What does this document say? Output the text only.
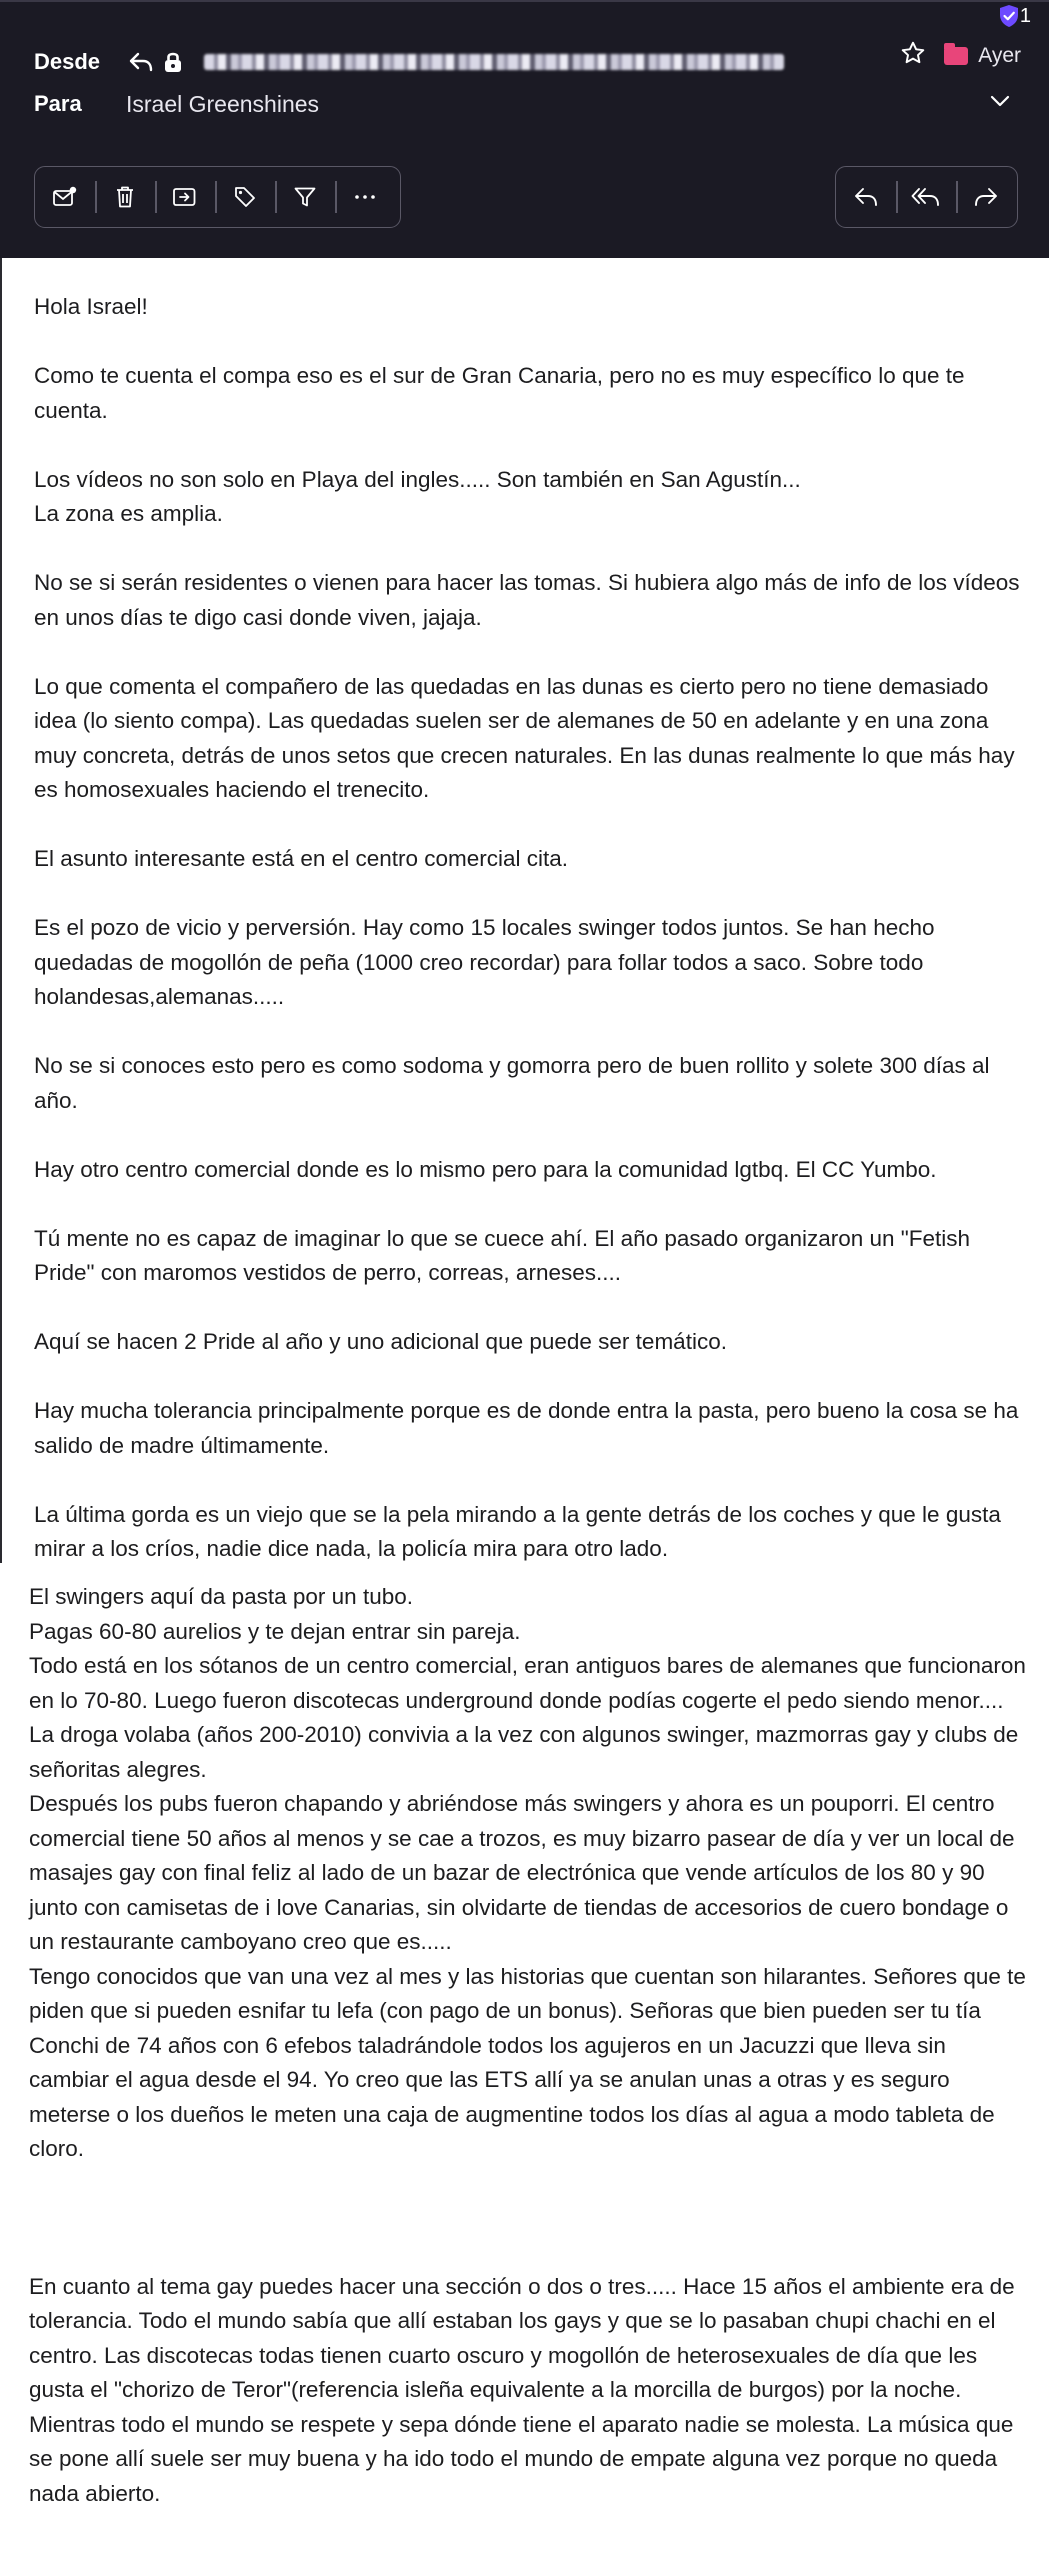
1
Desde	Ayer
Para	Israel Greenshines

Hola Israel!

Como te cuenta el compa eso es el sur de Gran Canaria, pero no es muy específico lo que te cuenta.

Los vídeos no son solo en Playa del ingles..... Son también en San Agustín...
La zona es amplia.

No se si serán residentes o vienen para hacer las tomas. Si hubiera algo más de info de los vídeos en unos días te digo casi donde viven, jajaja.

Lo que comenta el compañero de las quedadas en las dunas es cierto pero no tiene demasiado idea (lo siento compa). Las quedadas suelen ser de alemanes de 50 en adelante y en una zona muy concreta, detrás de unos setos que crecen naturales. En las dunas realmente lo que más hay es homosexuales haciendo el trenecito.

El asunto interesante está en el centro comercial cita.

Es el pozo de vicio y perversión. Hay como 15 locales swinger todos juntos. Se han hecho quedadas de mogollón de peña (1000 creo recordar) para follar todos a saco. Sobre todo holandesas,alemanas.....

No se si conoces esto pero es como sodoma y gomorra pero de buen rollito y solete 300 días al año.

Hay otro centro comercial donde es lo mismo pero para la comunidad lgtbq. El CC Yumbo.

Tú mente no es capaz de imaginar lo que se cuece ahí. El año pasado organizaron un "Fetish Pride" con maromos vestidos de perro, correas, arneses....

Aquí se hacen 2 Pride al año y uno adicional que puede ser temático.

Hay mucha tolerancia principalmente porque es de donde entra la pasta, pero bueno la cosa se ha salido de madre últimamente.

La última gorda es un viejo que se la pela mirando a la gente detrás de los coches y que le gusta mirar a los críos, nadie dice nada, la policía mira para otro lado.

El swingers aquí da pasta por un tubo.
Pagas 60-80 aurelios y te dejan entrar sin pareja.
Todo está en los sótanos de un centro comercial, eran antiguos bares de alemanes que funcionaron en lo 70-80. Luego fueron discotecas underground donde podías cogerte el pedo siendo menor.... La droga volaba (años 200-2010) convivia a la vez con algunos swinger, mazmorras gay y clubs de señoritas alegres.
Después los pubs fueron chapando y abriéndose más swingers y ahora es un pouporri. El centro comercial tiene 50 años al menos y se cae a trozos, es muy bizarro pasear de día y ver un local de masajes gay con final feliz al lado de un bazar de electrónica que vende artículos de los 80 y 90 junto con camisetas de i love Canarias, sin olvidarte de tiendas de accesorios de cuero bondage o un restaurante camboyano creo que es.....
Tengo conocidos que van una vez al mes y las historias que cuentan son hilarantes. Señores que te piden que si pueden esnifar tu lefa (con pago de un bonus). Señoras que bien pueden ser tu tía Conchi de 74 años con 6 efebos taladrándole todos los agujeros en un Jacuzzi que lleva sin cambiar el agua desde el 94. Yo creo que las ETS allí ya se anulan unas a otras y es seguro meterse o los dueños le meten una caja de augmentine todos los días al agua a modo tableta de cloro.

En cuanto al tema gay puedes hacer una sección o dos o tres..... Hace 15 años el ambiente era de tolerancia. Todo el mundo sabía que allí estaban los gays y que se lo pasaban chupi chachi en el centro. Las discotecas todas tienen cuarto oscuro y mogollón de heterosexuales de día que les gusta el "chorizo de Teror"(referencia isleña equivalente a la morcilla de burgos) por la noche. Mientras todo el mundo se respete y sepa dónde tiene el aparato nadie se molesta. La música que se pone allí suele ser muy buena y ha ido todo el mundo de empate alguna vez porque no queda nada abierto.
